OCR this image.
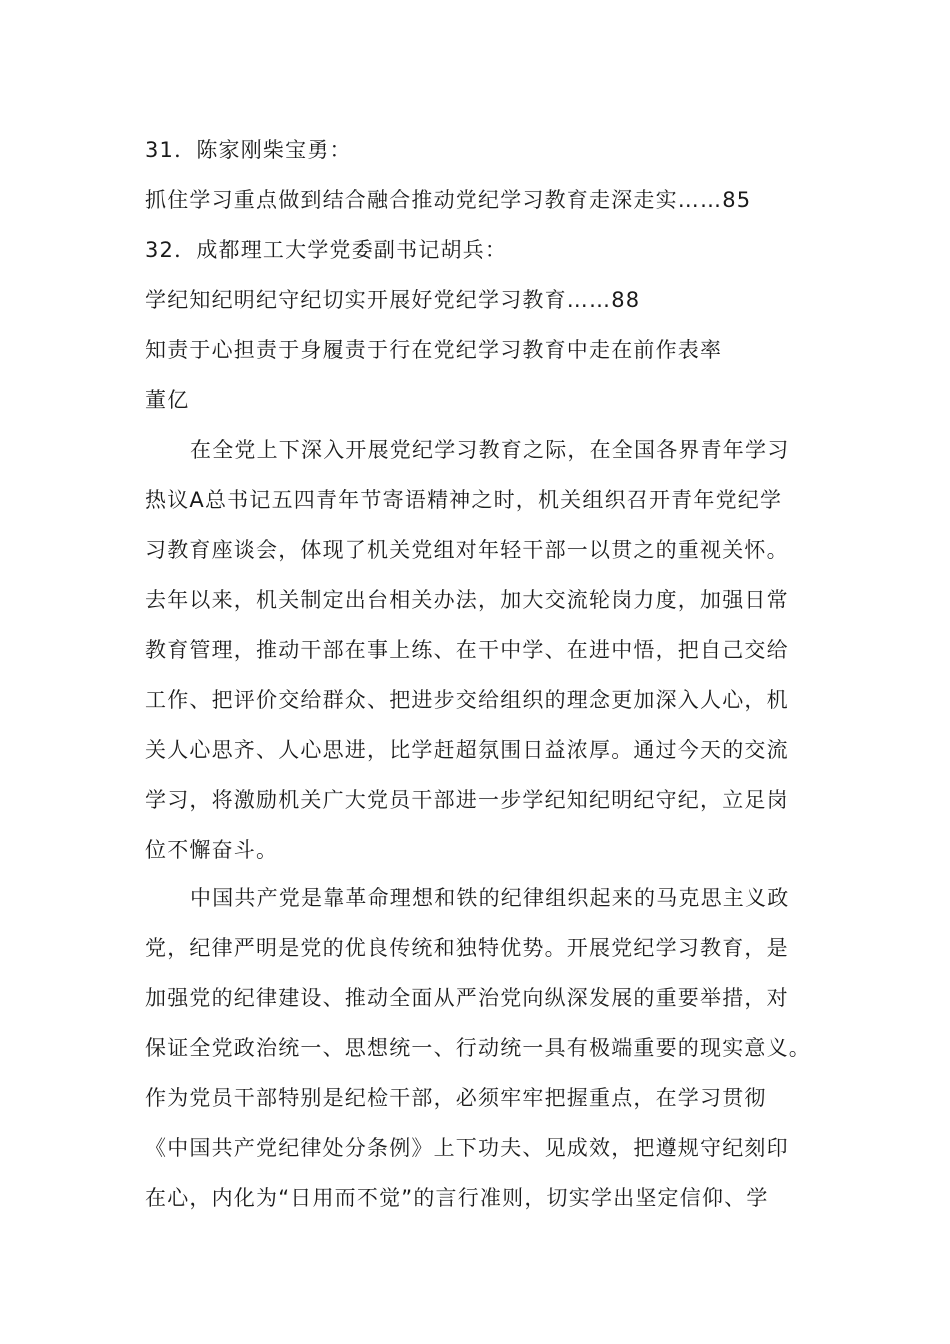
31．陈家刚柴宝勇：
抓住学习重点做到结合融合推动党纪学习教育走深走实……85
32．成都理工大学党委副书记胡兵：
学纪知纪明纪守纪切实开展好党纪学习教育……88
知责于心担责于身履责于行在党纪学习教育中走在前作表率
董亿
在全党上下深入开展党纪学习教育之际，在全国各界青年学习
热议A总书记五四青年节寄语精神之时，机关组织召开青年党纪学
习教育座谈会，体现了机关党组对年轻干部一以贯之的重视关怀。
去年以来，机关制定出台相关办法，加大交流轮岗力度，加强日常
教育管理，推动干部在事上练、在干中学、在进中悟，把自己交给
工作、把评价交给群众、把进步交给组织的理念更加深入人心，机
关人心思齐、人心思进，比学赶超氛围日益浓厚。通过今天的交流
学习，将激励机关广大党员干部进一步学纪知纪明纪守纪，立足岗
位不懈奋斗。
中国共产党是靠革命理想和铁的纪律组织起来的马克思主义政
党，纪律严明是党的优良传统和独特优势。开展党纪学习教育，是
加强党的纪律建设、推动全面从严治党向纵深发展的重要举措，对
保证全党政治统一、思想统一、行动统一具有极端重要的现实意义。
作为党员干部特别是纪检干部，必须牢牢把握重点，在学习贯彻
《中国共产党纪律处分条例》上下功夫、见成效，把遵规守纪刻印
在心，内化为“日用而不觉”的言行准则，切实学出坚定信仰、学
